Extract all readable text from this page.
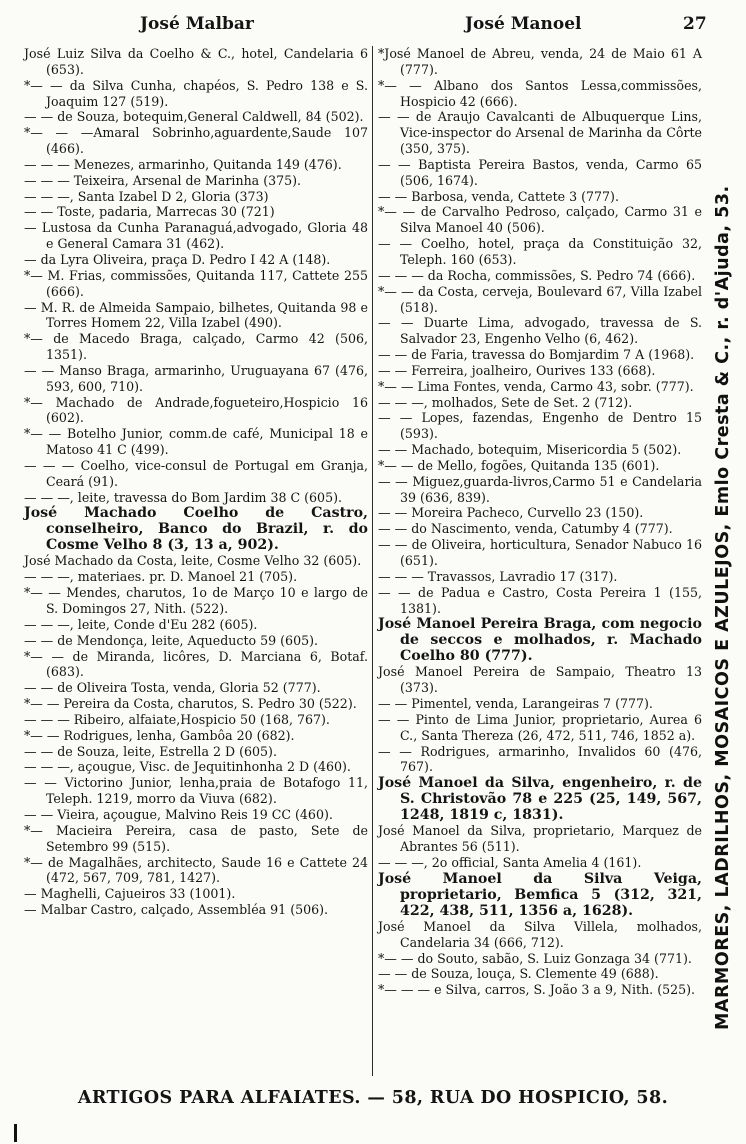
José Malbar	José Manoel	27

José Luiz Silva da Coelho & C., hotel, Candelaria 6 (653).

*— — da Silva Cunha, chapéos, S. Pedro 138 e S. Joaquim 127 (519).

— — de Souza, botequim,General Caldwell, 84 (502).

*— — —Amaral Sobrinho,aguardente,Saude 107 (466).

— — — Menezes, armarinho, Quitanda 149 (476).

— — — Teixeira, Arsenal de Marinha (375).

— — —, Santa Izabel D 2, Gloria (373)

— — Toste, padaria, Marrecas 30 (721)

— Lustosa da Cunha Paranaguá,advogado, Gloria 48 e General Camara 31 (462).

— da Lyra Oliveira, praça D. Pedro I 42 A (148).

*— M. Frias, commissões, Quitanda 117, Cattete 255 (666).

— M. R. de Almeida Sampaio, bilhetes, Quitanda 98 e Torres Homem 22, Villa Izabel (490).

*— de Macedo Braga, calçado, Carmo 42 (506, 1351).

— — Manso Braga, armarinho, Uruguayana 67 (476, 593, 600, 710).

*— Machado de Andrade,fogueteiro,Hospicio 16 (602).

*— — Botelho Junior, comm.de café, Municipal 18 e Matoso 41 C (499).

— — — Coelho, vice-consul de Portugal em Granja, Ceará (91).

— — —, leite, travessa do Bom Jardim 38 C (605).

José Machado Coelho de Castro, conselheiro, Banco do Brazil, r. do Cosme Velho 8 (3, 13 a, 902).

José Machado da Costa, leite, Cosme Velho 32 (605).

— — —, materiaes. pr. D. Manoel 21 (705).

*— — Mendes, charutos, 1o de Março 10 e largo de S. Domingos 27, Nith. (522).

— — —, leite, Conde d'Eu 282 (605).

— — de Mendonça, leite, Aqueducto 59 (605).

*— — de Miranda, licôres, D. Marciana 6, Botaf. (683).

— — de Oliveira Tosta, venda, Gloria 52 (777).

*— — Pereira da Costa, charutos, S. Pedro 30 (522).

— — — Ribeiro, alfaiate,Hospicio 50 (168, 767).

*— — Rodrigues, lenha, Gambôa 20 (682).

— — de Souza, leite, Estrella 2 D (605).

— — —, açougue, Visc. de Jequitinhonha 2 D (460).

— — Victorino Junior, lenha,praia de Botafogo 11, Teleph. 1219, morro da Viuva (682).

— — Vieira, açougue, Malvino Reis 19 CC (460).

*— Macieira Pereira, casa de pasto, Sete de Setembro 99 (515).

*— de Magalhães, architecto, Saude 16 e Cattete 24 (472, 567, 709, 781, 1427).

— Maghelli, Cajueiros 33 (1001).

— Malbar Castro, calçado, Assembléa 91 (506).

*José Manoel de Abreu, venda, 24 de Maio 61 A (777).

*— — Albano dos Santos Lessa,commissões, Hospicio 42 (666).

— — de Araujo Cavalcanti de Albuquerque Lins, Vice-inspector do Arsenal de Marinha da Côrte (350, 375).

— — Baptista Pereira Bastos, venda, Carmo 65 (506, 1674).

— — Barbosa, venda, Cattete 3 (777).

*— — de Carvalho Pedroso, calçado, Carmo 31 e Silva Manoel 40 (506).

— — Coelho, hotel, praça da Constituição 32, Teleph. 160 (653).

— — — da Rocha, commissões, S. Pedro 74 (666).

*— — da Costa, cerveja, Boulevard 67, Villa Izabel (518).

— — Duarte Lima, advogado, travessa de S. Salvador 23, Engenho Velho (6, 462).

— — de Faria, travessa do Bomjardim 7 A (1968).

— — Ferreira, joalheiro, Ourives 133 (668).

*— — Lima Fontes, venda, Carmo 43, sobr. (777).

— — —, molhados, Sete de Set. 2 (712).

— — Lopes, fazendas, Engenho de Dentro 15 (593).

— — Machado, botequim, Misericordia 5 (502).

*— — de Mello, fogões, Quitanda 135 (601).

— — Miguez,guarda-livros,Carmo 51 e Candelaria 39 (636, 839).

— — Moreira Pacheco, Curvello 23 (150).

— — do Nascimento, venda, Catumby 4 (777).

— — de Oliveira, horticultura, Senador Nabuco 16 (651).

— — — Travassos, Lavradio 17 (317).

— — de Padua e Castro, Costa Pereira 1 (155, 1381).

José Manoel Pereira Braga, com negocio de seccos e molhados, r. Machado Coelho 80 (777).

José Manoel Pereira de Sampaio, Theatro 13 (373).

— — Pimentel, venda, Larangeiras 7 (777).

— — Pinto de Lima Junior, proprietario, Aurea 6 C., Santa Thereza (26, 472, 511, 746, 1852 a).

— — Rodrigues, armarinho, Invalidos 60 (476, 767).

José Manoel da Silva, engenheiro, r. de S. Christovão 78 e 225 (25, 149, 567, 1248, 1819 c, 1831).

José Manoel da Silva, proprietario, Marquez de Abrantes 56 (511).

— — —, 2o official, Santa Amelia 4 (161).

José Manoel da Silva Veiga, proprietario, Bemfica 5 (312, 321, 422, 438, 511, 1356 a, 1628).

José Manoel da Silva Villela, molhados, Candelaria 34 (666, 712).

*— — do Souto, sabão, S. Luiz Gonzaga 34 (771).

— — de Souza, louça, S. Clemente 49 (688).

*— — — e Silva, carros, S. João 3 a 9, Nith. (525).	MARMORES, LADRILHOS, MOSAICOS E AZULEJOS, Emlo Cresta & C., r. d'Ajuda, 53.
ARTIGOS PARA ALFAIATES. — 58, RUA DO HOSPICIO, 58.
